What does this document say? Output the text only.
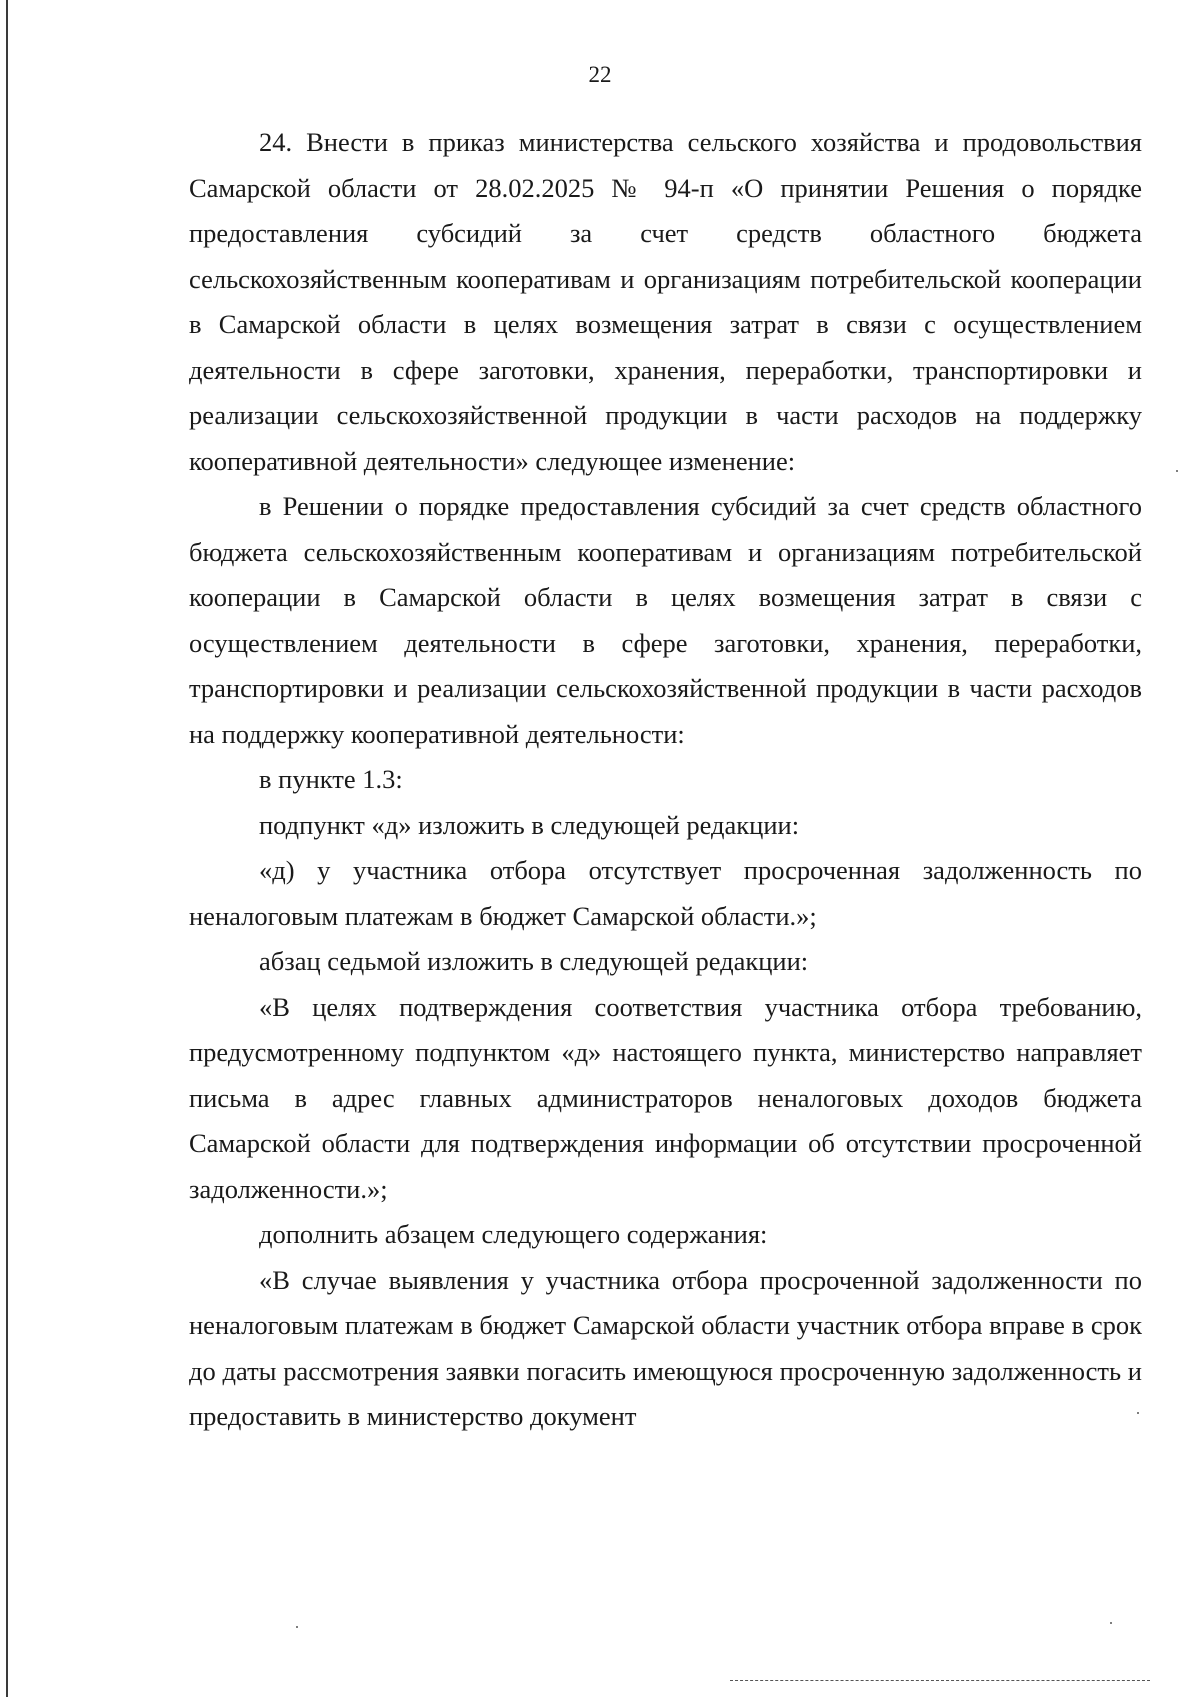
22

24. Внести в приказ министерства сельского хозяйства и продовольствия Самарской области от 28.02.2025 № 94-п «О принятии Решения о порядке предоставления субсидий за счет средств областного бюджета сельскохозяйственным кооперативам и организациям потребительской кооперации в Самарской области в целях возмещения затрат в связи с осуществлением деятельности в сфере заготовки, хранения, переработки, транспортировки и реализации сельскохозяйственной продукции в части расходов на поддержку кооперативной деятельности» следующее изменение:

в Решении о порядке предоставления субсидий за счет средств областного бюджета сельскохозяйственным кооперативам и организациям потребительской кооперации в Самарской области в целях возмещения затрат в связи с осуществлением деятельности в сфере заготовки, хранения, переработки, транспортировки и реализации сельскохозяйственной продукции в части расходов на поддержку кооперативной деятельности:

в пункте 1.3:

подпункт «д» изложить в следующей редакции:

«д) у участника отбора отсутствует просроченная задолженность по неналоговым платежам в бюджет Самарской области.»;

абзац седьмой изложить в следующей редакции:

«В целях подтверждения соответствия участника отбора требованию, предусмотренному подпунктом «д» настоящего пункта, министерство направляет письма в адрес главных администраторов неналоговых доходов бюджета Самарской области для подтверждения информации об отсутствии просроченной задолженности.»;

дополнить абзацем следующего содержания:

«В случае выявления у участника отбора просроченной задолженности по неналоговым платежам в бюджет Самарской области участник отбора вправе в срок до даты рассмотрения заявки погасить имеющуюся просроченную задолженность и предоставить в министерство документ
